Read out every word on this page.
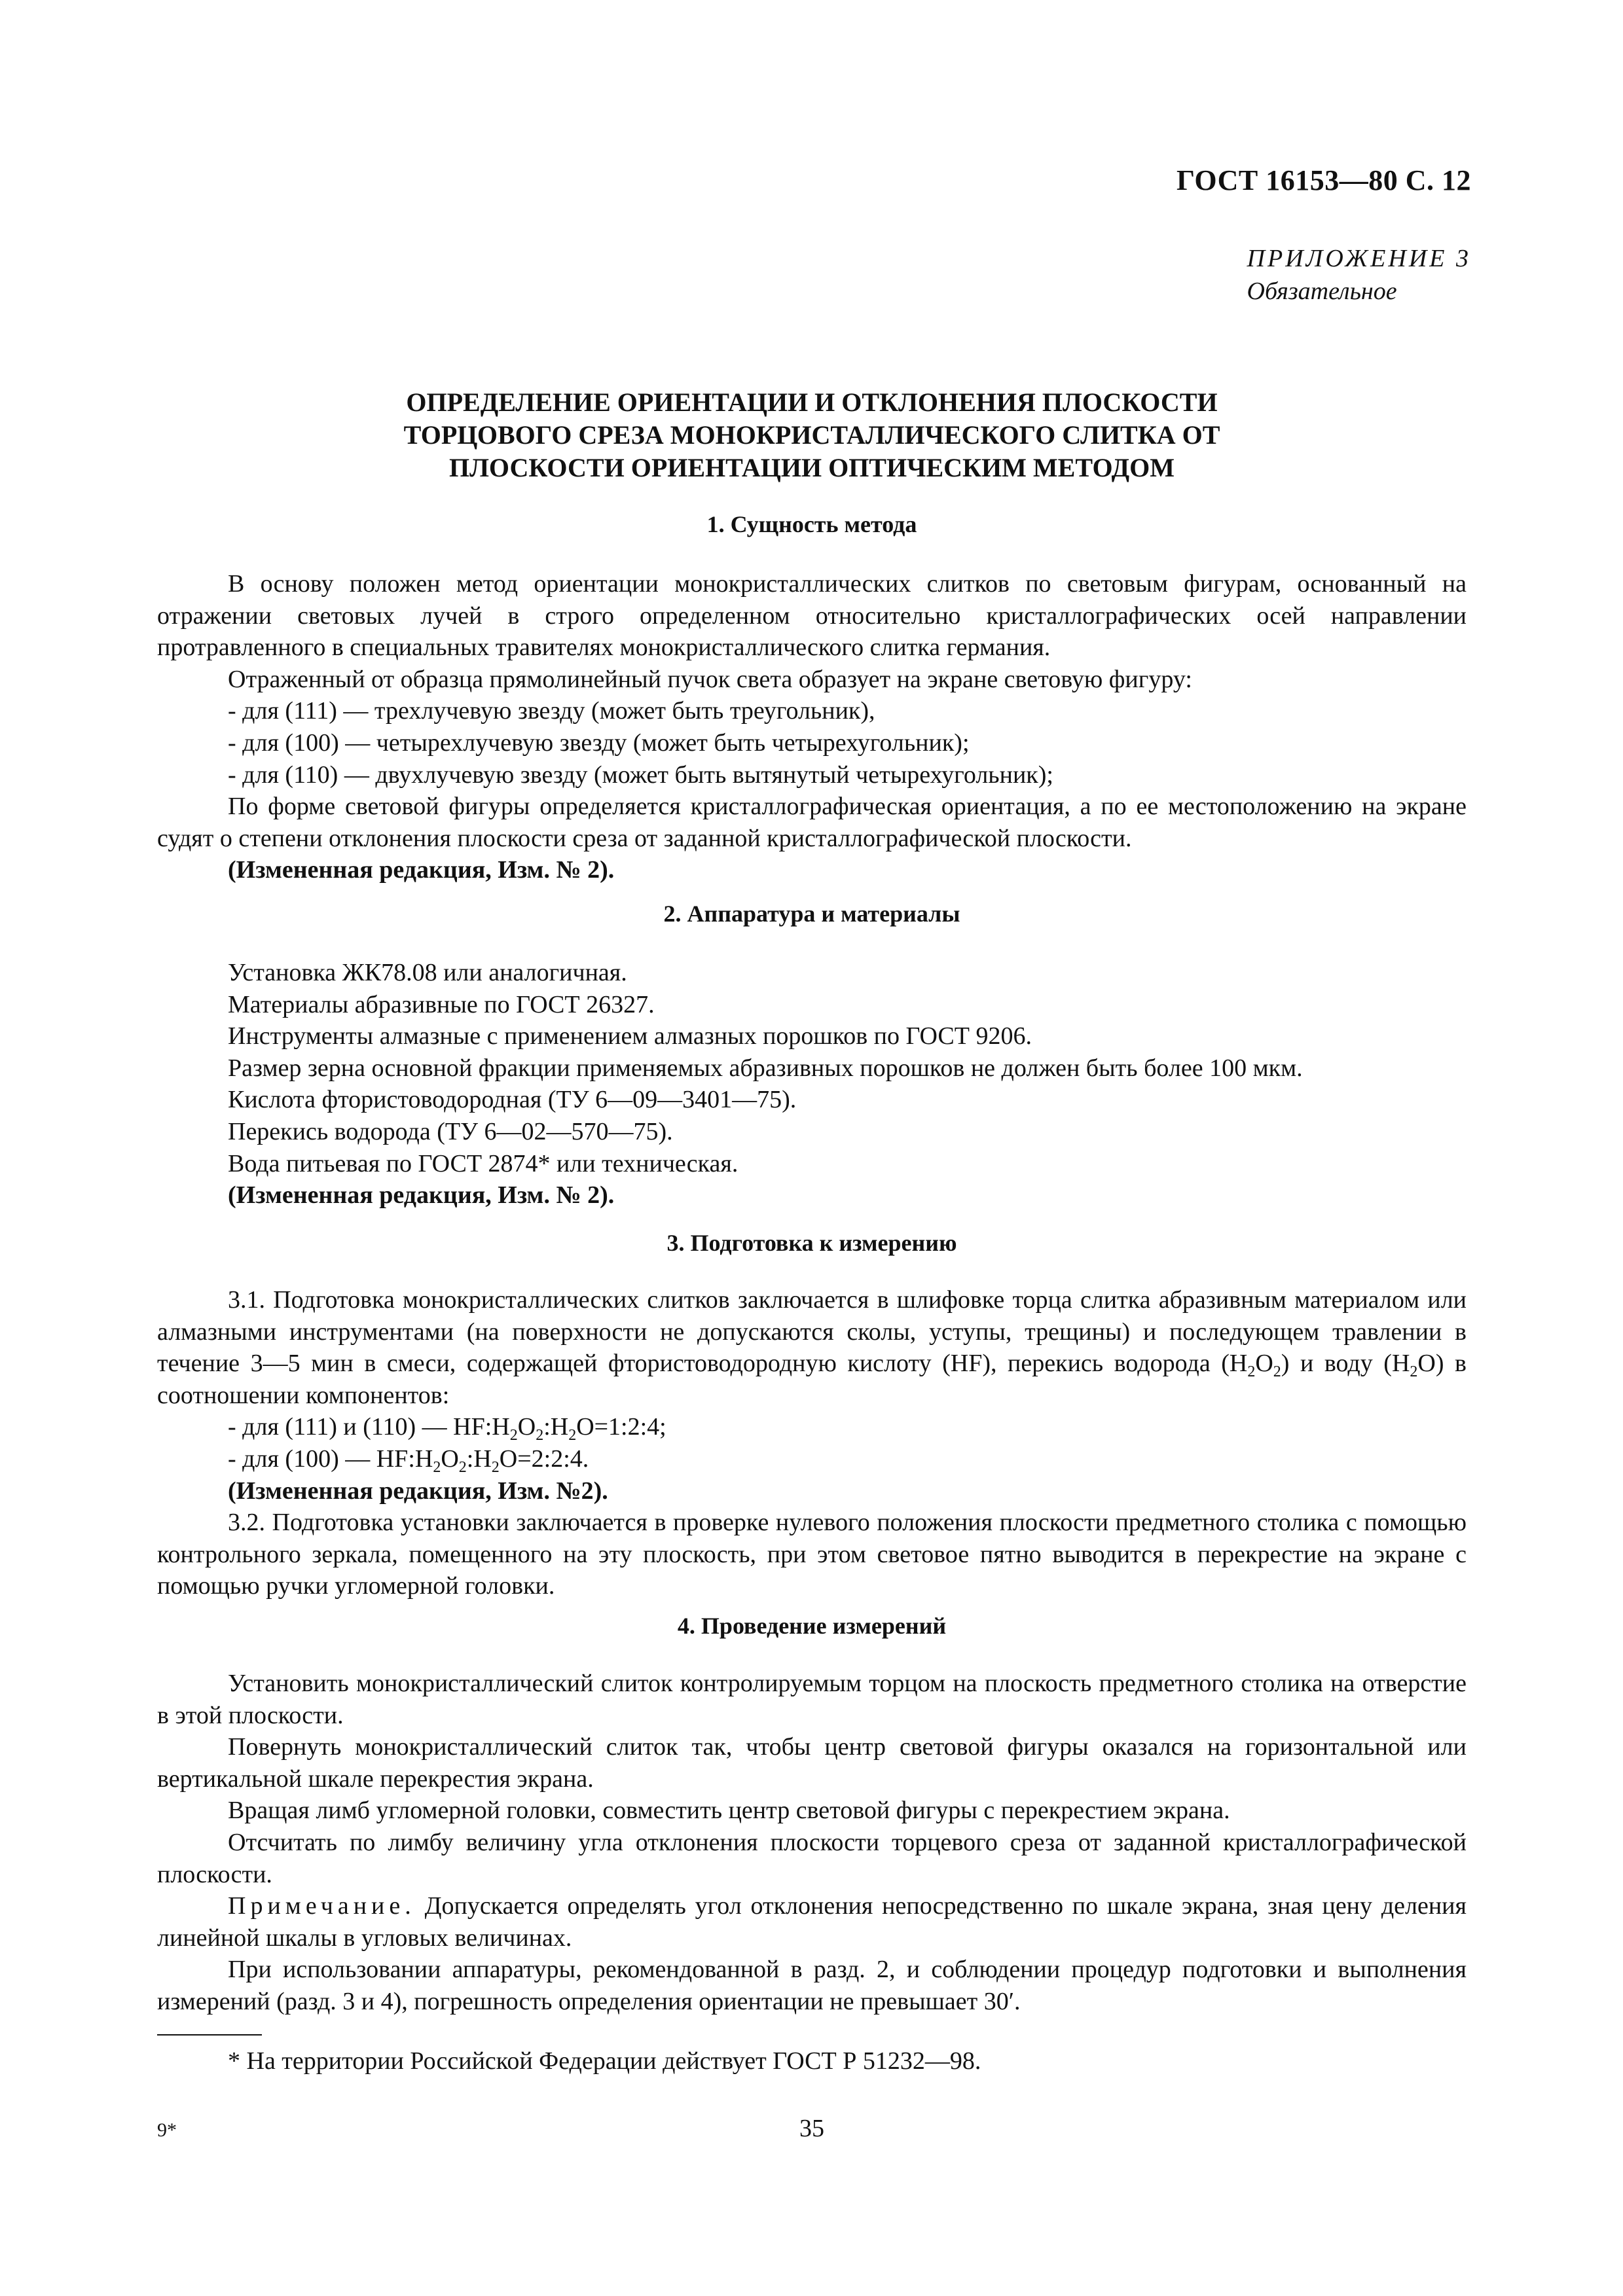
ГОСТ 16153—80 С. 12
ПРИЛОЖЕНИЕ 3
Обязательное
ОПРЕДЕЛЕНИЕ ОРИЕНТАЦИИ И ОТКЛОНЕНИЯ ПЛОСКОСТИ
ТОРЦОВОГО СРЕЗА МОНОКРИСТАЛЛИЧЕСКОГО СЛИТКА ОТ
ПЛОСКОСТИ ОРИЕНТАЦИИ ОПТИЧЕСКИМ МЕТОДОМ
1. Сущность метода

В основу положен метод ориентации монокристаллических слитков по световым фигурам, основанный на отражении световых лучей в строго определенном относительно кристаллографических осей направлении протравленного в специальных травителях монокристаллического слитка германия.

Отраженный от образца прямолинейный пучок света образует на экране световую фигуру:

- для (111) — трехлучевую звезду (может быть треугольник),

- для (100) — четырехлучевую звезду (может быть четырехугольник);

- для (110) — двухлучевую звезду (может быть вытянутый четырехугольник);

По форме световой фигуры определяется кристаллографическая ориентация, а по ее местоположению на экране судят о степени отклонения плоскости среза от заданной кристаллографической плоскости.

(Измененная редакция, Изм. № 2).

2. Аппаратура и материалы

Установка ЖК78.08 или аналогичная.

Материалы абразивные по ГОСТ 26327.

Инструменты алмазные с применением алмазных порошков по ГОСТ 9206.

Размер зерна основной фракции применяемых абразивных порошков не должен быть более 100 мкм.

Кислота фтористоводородная (ТУ 6—09—3401—75).

Перекись водорода (ТУ 6—02—570—75).

Вода питьевая по ГОСТ 2874* или техническая.

(Измененная редакция, Изм. № 2).

3. Подготовка к измерению

3.1. Подготовка монокристаллических слитков заключается в шлифовке торца слитка абразивным материалом или алмазными инструментами (на поверхности не допускаются сколы, уступы, трещины) и последующем травлении в течение 3—5 мин в смеси, содержащей фтористоводородную кислоту (HF), перекись водорода $(H_2O_2)$ и воду $(H_2O)$ в соотношении компонентов:

- для (111) и (110) — $HF:H_2O_2:H_2O=1:2:4$;

- для (100) — $HF:H_2O_2:H_2O=2:2:4$.

(Измененная редакция, Изм. №2).

3.2. Подготовка установки заключается в проверке нулевого положения плоскости предметного столика с помощью контрольного зеркала, помещенного на эту плоскость, при этом световое пятно выводится в перекрестие на экране с помощью ручки угломерной головки.

4. Проведение измерений

Установить монокристаллический слиток контролируемым торцом на плоскость предметного столика на отверстие в этой плоскости.

Повернуть монокристаллический слиток так, чтобы центр световой фигуры оказался на горизонтальной или вертикальной шкале перекрестия экрана.

Вращая лимб угломерной головки, совместить центр световой фигуры с перекрестием экрана.

Отсчитать по лимбу величину угла отклонения плоскости торцевого среза от заданной кристаллографической плоскости.

Примечание. Допускается определять угол отклонения непосредственно по шкале экрана, зная цену деления линейной шкалы в угловых величинах.

При использовании аппаратуры, рекомендованной в разд. 2, и соблюдении процедур подготовки и выполнения измерений (разд. 3 и 4), погрешность определения ориентации не превышает 30′.

* На территории Российской Федерации действует ГОСТ Р 51232—98.
9*	35
